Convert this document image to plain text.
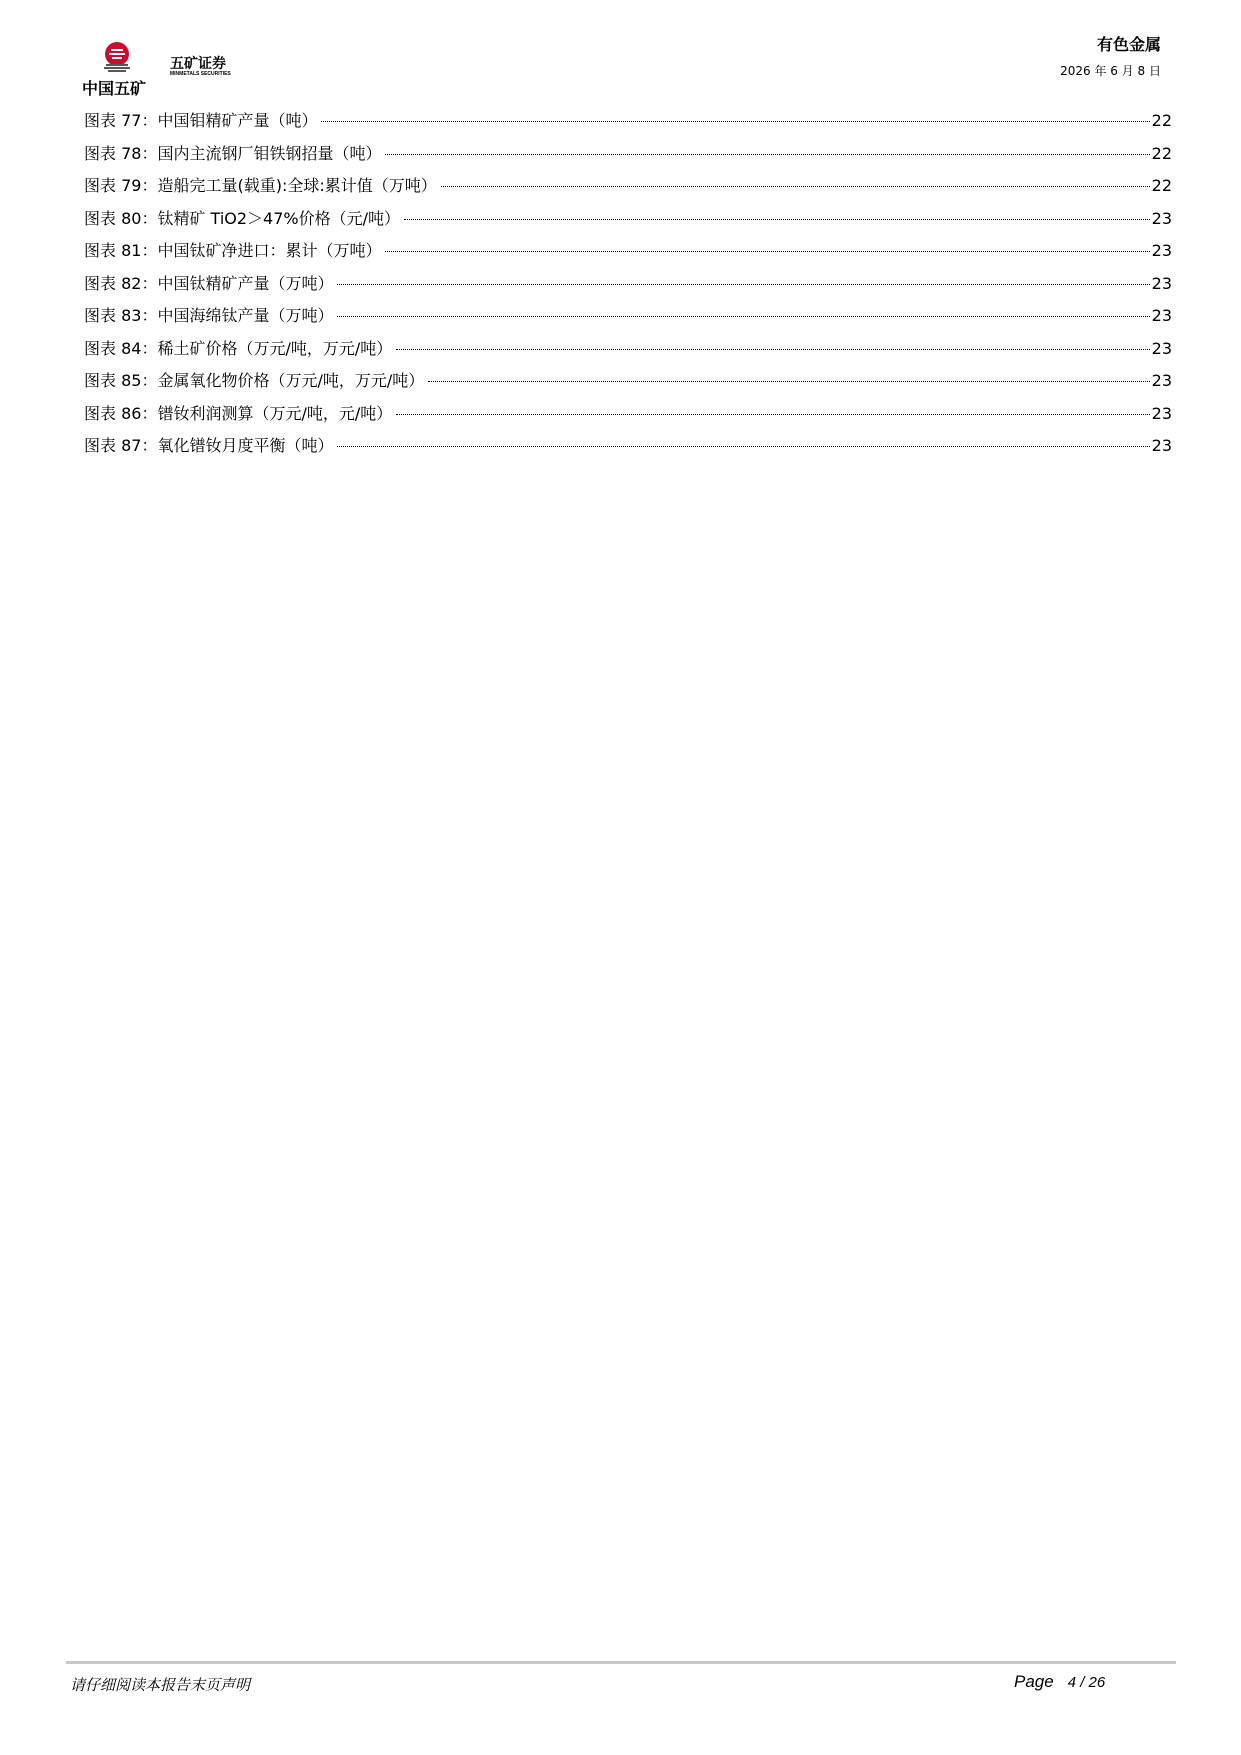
中国五矿
五矿证券
MINMETALS SECURITIES
有色金属
2026 年 6 月 8 日
图表 77： 中国钼精矿产量（吨）	22
图表 78： 国内主流钢厂钼铁钢招量（吨）	22
图表 79： 造船完工量(载重):全球:累计值（万吨）	22
图表 80： 钛精矿 TiO2＞47%价格（元/吨）	23
图表 81： 中国钛矿净进口：累计（万吨）	23
图表 82： 中国钛精矿产量（万吨）	23
图表 83： 中国海绵钛产量（万吨）	23
图表 84： 稀土矿价格（万元/吨，万元/吨）	23
图表 85： 金属氧化物价格（万元/吨，万元/吨）	23
图表 86： 镨钕利润测算（万元/吨，元/吨）	23
图表 87： 氧化镨钕月度平衡（吨）	23
请仔细阅读本报告末页声明	Page 4 / 26
